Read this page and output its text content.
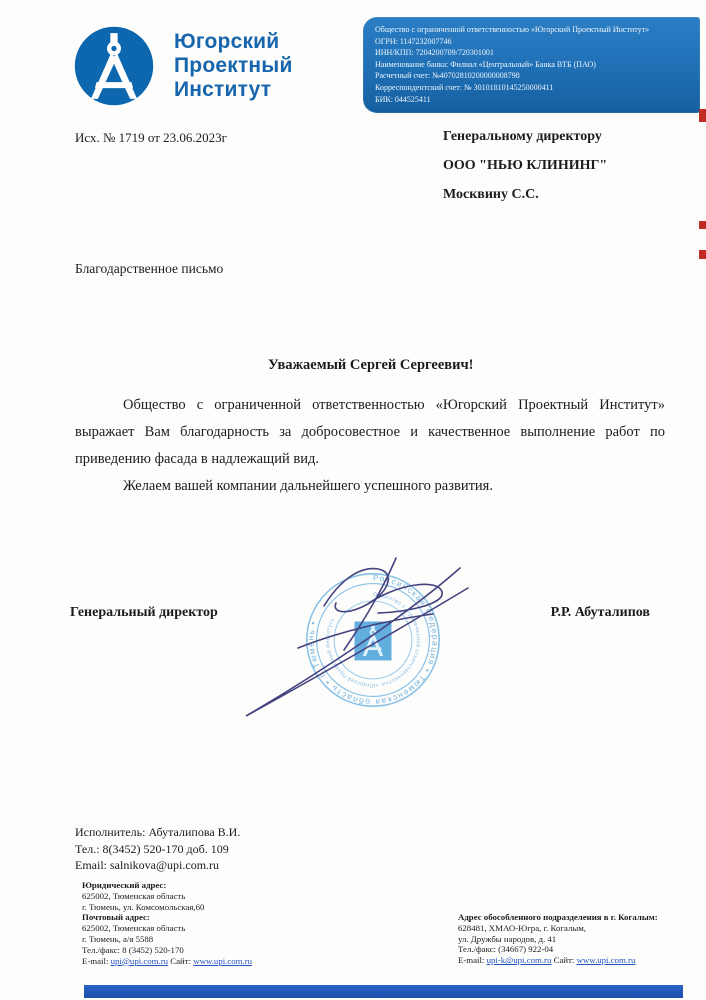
Югорский
Проектный
Институт
Общество с ограниченной ответственностью «Югорский Проектный Институт»
ОГРН: 1147232007746
ИНН/КПП: 7204200709/720301001
Наименование банка: Филиал «Центральный» Банка ВТБ (ПАО)
Расчетный счет: №40702810200000008798
Корреспондентский счет: № 30101810145250000411
БИК: 044525411
Исх. № 1719 от 23.06.2023г	Генеральному директору
ООО "НЬЮ КЛИНИНГ"
Москвину С.С.
Благодарственное письмо
Уважаемый Сергей Сергеевич!

Общество с ограниченной ответственностью «Югорский Проектный Институт» выражает Вам благодарность за добросовестное и качественное выполнение работ по приведению фасада в надлежащий вид.

Желаем вашей компании дальнейшего успешного развития.

Генеральный директор	Р.Р. Абуталипов
Российская Федерация • Тюменская область • г. Тюмень •
Общество с ограниченной ответственностью «Югорский Проектный Институт»
Исполнитель: Абуталипова В.И.
Тел.: 8(3452) 520-170 доб. 109
Email: salnikova@upi.com.ru
Юридический адрес:
625002, Тюменская область
г. Тюмень, ул. Комсомольская,60
Почтовый адрес:
625002, Тюменская область
г. Тюмень, а/я 5588
Тел./факс: 8 (3452) 520-170
E-mail: upi@upi.com.ru Сайт: www.upi.com.ru
Адрес обособленного подразделения в г. Когалым:
628481, ХМАО-Югра, г. Когалым,
ул. Дружбы народов, д. 41
Тел./факс: (34667) 922-04
E-mail: upi-k@upi.com.ru Сайт: www.upi.com.ru
